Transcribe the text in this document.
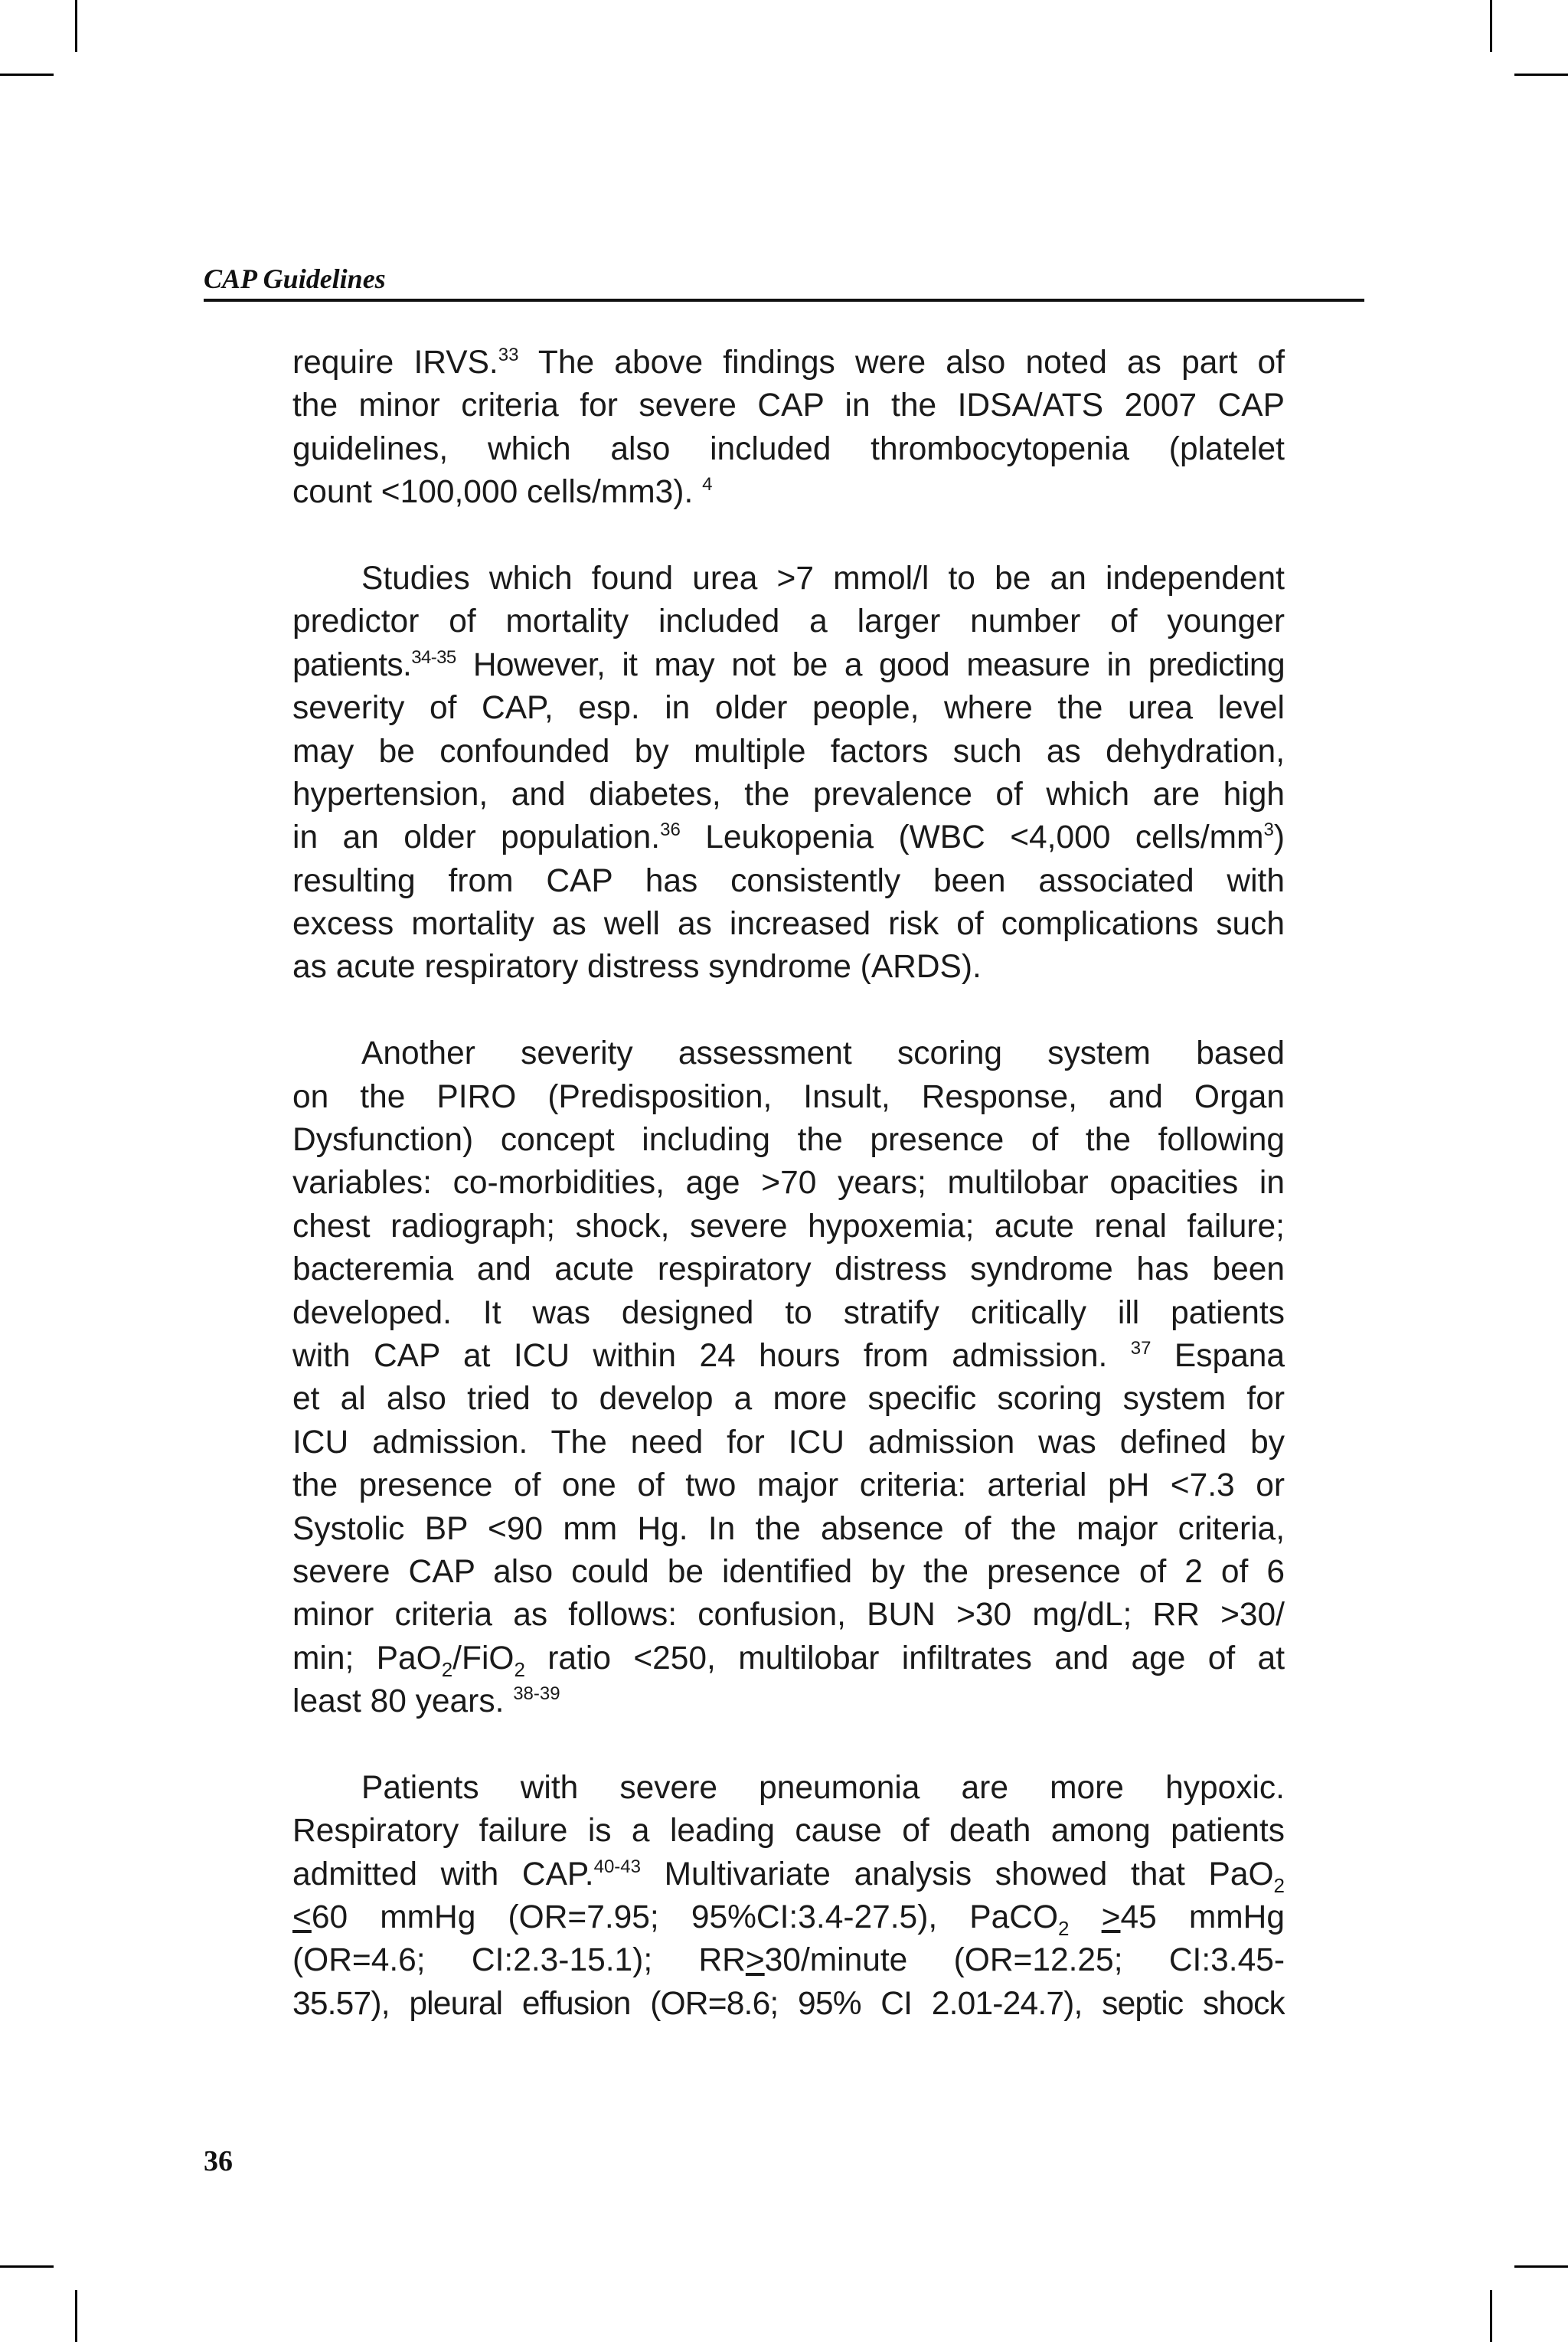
CAP Guidelines
require IRVS.$^{33}$ The above findings were also noted as part of
the minor criteria for severe CAP in the IDSA/ATS 2007 CAP
guidelines, which also included thrombocytopenia (platelet
count <100,000 cells/mm3). $^4$
Studies which found urea >7 mmol/l to be an independent
predictor of mortality included a larger number of younger
patients.$^{34-35}$ However, it may not be a good measure in predicting
severity of CAP, esp. in older people, where the urea level
may be confounded by multiple factors such as dehydration,
hypertension, and diabetes, the prevalence of which are high
in an older population.$^{36}$ Leukopenia (WBC <4,000 cells/$mm^3$)
resulting from CAP has consistently been associated with
excess mortality as well as increased risk of complications such
as acute respiratory distress syndrome (ARDS).
Another severity assessment scoring system based
on the PIRO (Predisposition, Insult, Response, and Organ
Dysfunction) concept including the presence of the following
variables: co-morbidities, age >70 years; multilobar opacities in
chest radiograph; shock, severe hypoxemia; acute renal failure;
bacteremia and acute respiratory distress syndrome has been
developed. It was designed to stratify critically ill patients
with CAP at ICU within 24 hours from admission. $^{37}$ Espana
et al also tried to develop a more specific scoring system for
ICU admission. The need for ICU admission was defined by
the presence of one of two major criteria: arterial pH <7.3 or
Systolic BP <90 mm Hg. In the absence of the major criteria,
severe CAP also could be identified by the presence of 2 of 6
minor criteria as follows: confusion, BUN >30 mg/dL; RR >30/
min; PaO$_2$/FiO$_2$ ratio <250, multilobar infiltrates and age of at
least 80 years. $^{38-39}$
Patients with severe pneumonia are more hypoxic.
Respiratory failure is a leading cause of death among patients
admitted with CAP.$^{40-43}$ Multivariate analysis showed that PaO$_2$
<60 mmHg (OR=7.95; 95%CI:3.4-27.5), PaCO$_2$ >45 mmHg
(OR=4.6; CI:2.3-15.1); RR>30/minute (OR=12.25; CI:3.45-
35.57), pleural effusion (OR=8.6; 95% CI 2.01-24.7), septic shock
36
